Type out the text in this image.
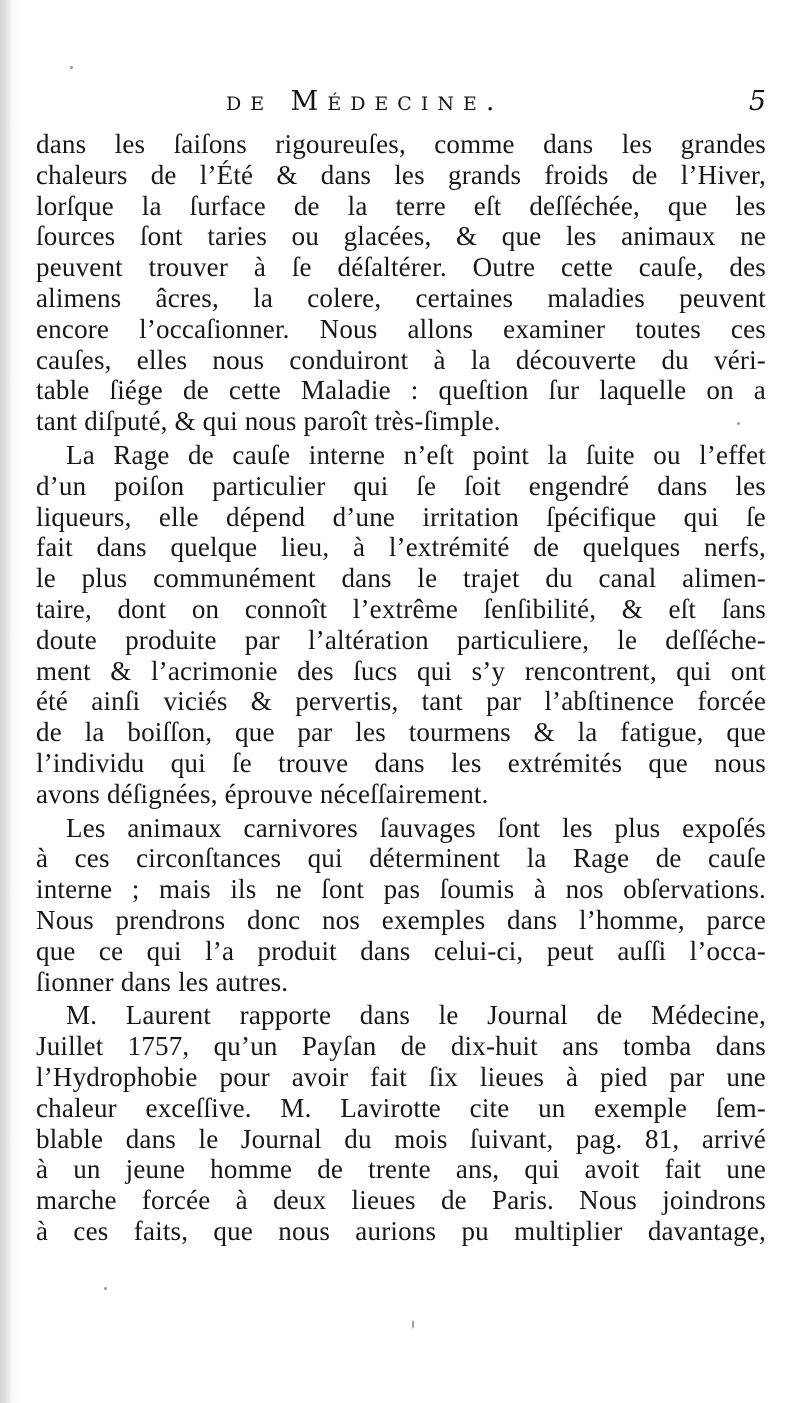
de Médecine.	5
dans les ſaiſons rigoureuſes, comme dans les grandes
chaleurs de l’Été & dans les grands froids de l’Hiver,
lorſque la ſurface de la terre eſt deſſéchée, que les
ſources ſont taries ou glacées, & que les animaux ne
peuvent trouver à ſe déſaltérer. Outre cette cauſe, des
alimens âcres, la colere, certaines maladies peuvent
encore l’occaſionner. Nous allons examiner toutes ces
cauſes, elles nous conduiront à la découverte du véri-
table ſiége de cette Maladie : queſtion ſur laquelle on a
tant diſputé, & qui nous paroît très-ſimple.
La Rage de cauſe interne n’eſt point la ſuite ou l’effet
d’un poiſon particulier qui ſe ſoit engendré dans les
liqueurs, elle dépend d’une irritation ſpécifique qui ſe
fait dans quelque lieu, à l’extrémité de quelques nerfs,
le plus communément dans le trajet du canal alimen-
taire, dont on connoît l’extrême ſenſibilité, & eſt ſans
doute produite par l’altération particuliere, le deſſéche-
ment & l’acrimonie des ſucs qui s’y rencontrent, qui ont
été ainſi viciés & pervertis, tant par l’abſtinence forcée
de la boiſſon, que par les tourmens & la fatigue, que
l’individu qui ſe trouve dans les extrémités que nous
avons déſignées, éprouve néceſſairement.
Les animaux carnivores ſauvages ſont les plus expoſés
à ces circonſtances qui déterminent la Rage de cauſe
interne ; mais ils ne ſont pas ſoumis à nos obſervations.
Nous prendrons donc nos exemples dans l’homme, parce
que ce qui l’a produit dans celui-ci, peut auſſi l’occa-
ſionner dans les autres.
M. Laurent rapporte dans le Journal de Médecine,
Juillet 1757, qu’un Payſan de dix-huit ans tomba dans
l’Hydrophobie pour avoir fait ſix lieues à pied par une
chaleur exceſſive. M. Lavirotte cite un exemple ſem-
blable dans le Journal du mois ſuivant, pag. 81, arrivé
à un jeune homme de trente ans, qui avoit fait une
marche forcée à deux lieues de Paris. Nous joindrons
à ces faits, que nous aurions pu multiplier davantage,
